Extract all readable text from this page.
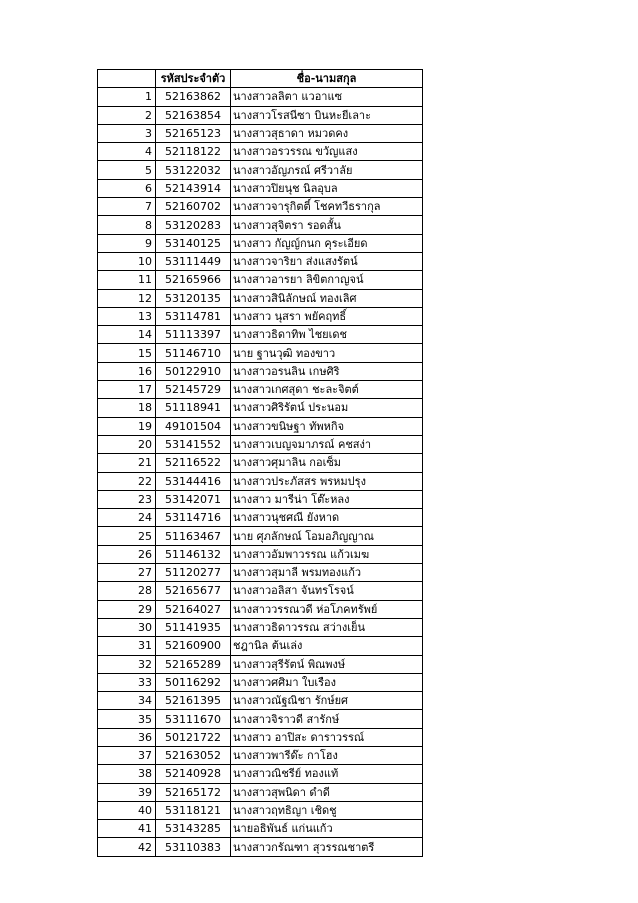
	รหัสประจำตัว	ชื่อ-นามสกุล
1	52163862	นางสาวลลิตา แวอาแซ
2	52163854	นางสาวโรสนีซา บินหะยีเลาะ
3	52165123	นางสาวสุธาดา หมวดคง
4	52118122	นางสาวอรวรรณ ขวัญแสง
5	53122032	นางสาวอัญภรณ์ ศรีวาลัย
6	52143914	นางสาวปิยนุช นิลอุบล
7	52160702	นางสาวจารุกิตติ์ โชคทวีธรากุล
8	53120283	นางสาวสุจิตรา รอดสั้น
9	53140125	นางสาว กัญญ์กนก คุระเอียด
10	53111449	นางสาวจาริยา ส่งแสงรัตน์
11	52165966	นางสาวอารยา ลิขิตกาญจน์
12	53120135	นางสาวสินิลักษณ์ ทองเลิศ
13	53114781	นางสาว นุสรา พยัคฤทธิ์
14	51113397	นางสาวธิดาทิพ ไชยเดช
15	51146710	นาย ฐานวุฒิ ทองขาว
16	50122910	นางสาวอรนลิน เกษศิริ
17	52145729	นางสาวเกศสุดา ชะละจิตต์
18	51118941	นางสาวศิริรัตน์ ประนอม
19	49101504	นางสาวขนิษฐา ทัพหกิจ
20	53141552	นางสาวเบญจมาภรณ์ คชสง่า
21	52116522	นางสาวศุมาลิน กอเซ็ม
22	53144416	นางสาวประภัสสร พรหมปรุง
23	53142071	นางสาว มารีน่า โต๊ะหลง
24	53114716	นางสาวนุชศณี ยังหาด
25	51163467	นาย ศุภลักษณ์ โอมอภิญญาณ
26	51146132	นางสาวอัมพาวรรณ แก้วเมฆ
27	51120277	นางสาวสุมาลี พรมทองแก้ว
28	52165677	นางสาวอลิสา จันทรโรจน์
29	52164027	นางสาววรรณวดี ห่อโภคทรัพย์
30	51141935	นางสาวธิดาวรรณ สว่างเย็น
31	52160900	ชฎานิล ต้นเล่ง
32	52165289	นางสาวสุรีรัตน์ พิณพงษ์
33	50116292	นางสาวศศิมา ใบเรือง
34	52161395	นางสาวณัฐณิชา รักษ์ยศ
35	53111670	นางสาวจิราวดี สารักษ์
36	50121722	นางสาว อาปิสะ ดาราวรรณ์
37	52163052	นางสาวพารีด๊ะ กาโฮง
38	52140928	นางสาวณิชรีย์ ทองแท้
39	52165172	นางสาวสุพนิดา ดำดี
40	53118121	นางสาวฤทธิญา เชิดชู
41	53143285	นายอธิพันธ์ แก่นแก้ว
42	53110383	นางสาวกรัณฑา สุวรรณชาตรี
